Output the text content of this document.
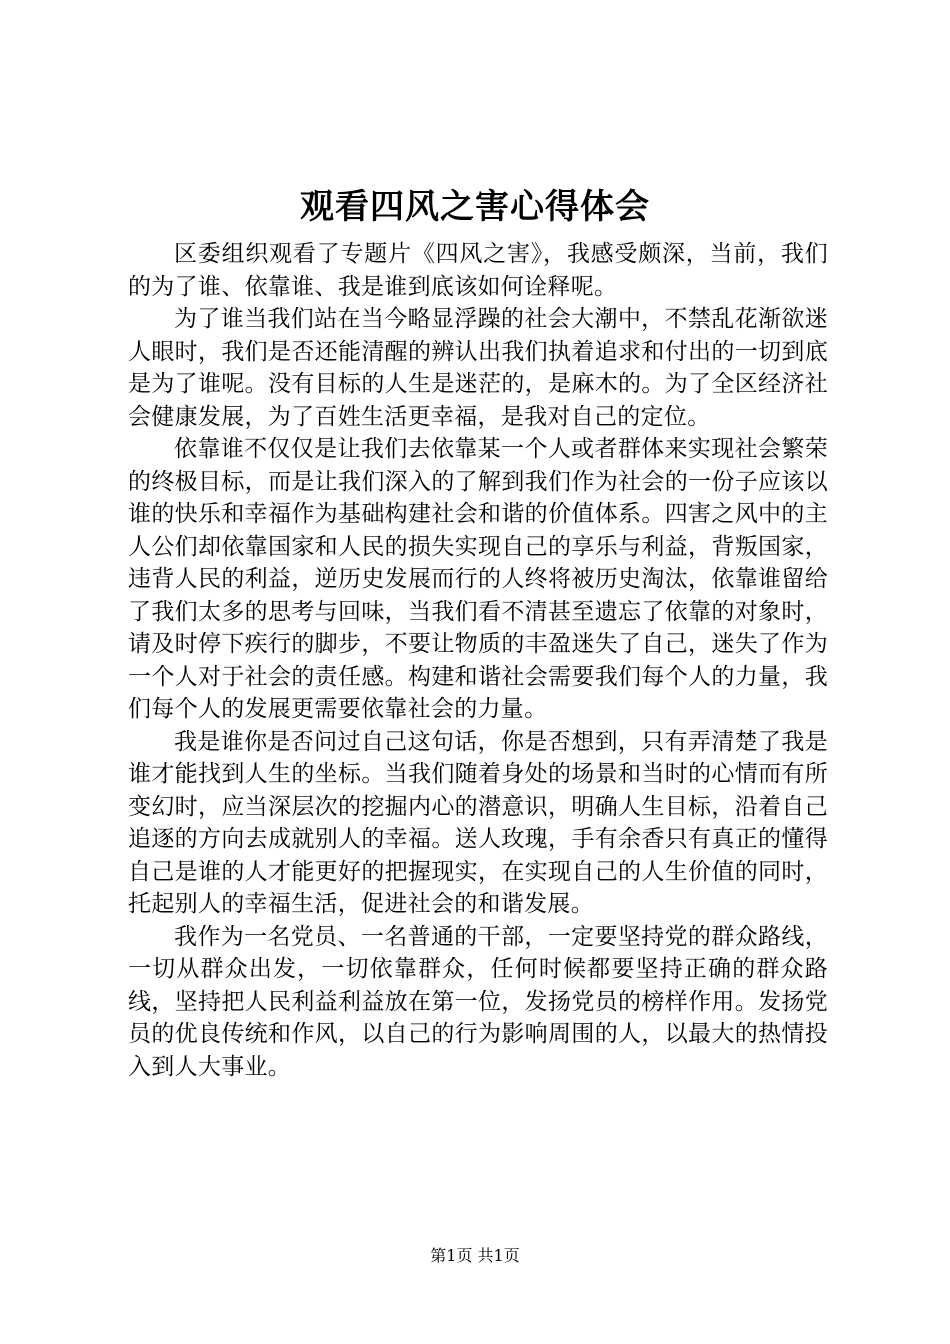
观看四风之害心得体会

区委组织观看了专题片《四风之害》，我感受颇深，当前，我们的为了谁、依靠谁、我是谁到底该如何诠释呢。

为了谁当我们站在当今略显浮躁的社会大潮中，不禁乱花渐欲迷人眼时，我们是否还能清醒的辨认出我们执着追求和付出的一切到底是为了谁呢。没有目标的人生是迷茫的，是麻木的。为了全区经济社会健康发展，为了百姓生活更幸福，是我对自己的定位。

依靠谁不仅仅是让我们去依靠某一个人或者群体来实现社会繁荣的终极目标，而是让我们深入的了解到我们作为社会的一份子应该以谁的快乐和幸福作为基础构建社会和谐的价值体系。四害之风中的主人公们却依靠国家和人民的损失实现自己的享乐与利益，背叛国家，违背人民的利益，逆历史发展而行的人终将被历史淘汰，依靠谁留给了我们太多的思考与回味，当我们看不清甚至遗忘了依靠的对象时，请及时停下疾行的脚步，不要让物质的丰盈迷失了自己，迷失了作为一个人对于社会的责任感。构建和谐社会需要我们每个人的力量，我们每个人的发展更需要依靠社会的力量。

我是谁你是否问过自己这句话，你是否想到，只有弄清楚了我是谁才能找到人生的坐标。当我们随着身处的场景和当时的心情而有所变幻时，应当深层次的挖掘内心的潜意识，明确人生目标，沿着自己追逐的方向去成就别人的幸福。送人玫瑰，手有余香只有真正的懂得自己是谁的人才能更好的把握现实，在实现自己的人生价值的同时，托起别人的幸福生活，促进社会的和谐发展。

我作为一名党员、一名普通的干部，一定要坚持党的群众路线，一切从群众出发，一切依靠群众，任何时候都要坚持正确的群众路线，坚持把人民利益利益放在第一位，发扬党员的榜样作用。发扬党员的优良传统和作风，以自己的行为影响周围的人，以最大的热情投入到人大事业。

第1页 共1页
